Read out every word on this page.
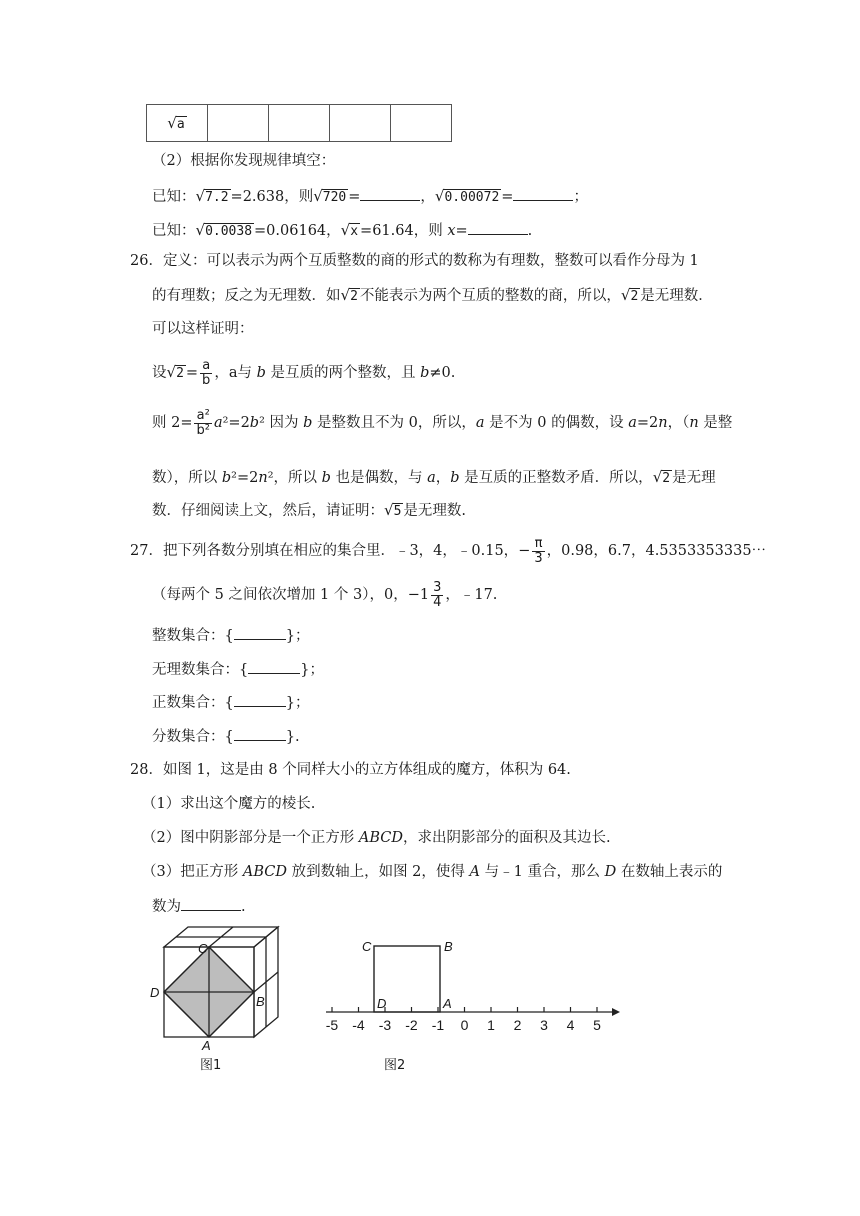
√a				
（2）根据你发现规律填空：
已知：√7.2 =2.638，则√720 =	，√0.00072 =	；
已知：√0.0038 =0.06164，√x =61.64，则 x=	.
26．定义：可以表示为两个互质整数的商的形式的数称为有理数，整数可以看作分母为 1
的有理数；反之为无理数．如√2 不能表示为两个互质的整数的商，所以，√2 是无理数．
可以这样证明：
设$√2 = \frac{a}{b}$ ，a与 b 是互质的两个整数，且 b≠0.
则 $2= \frac{\text{a²}}{\text{b²}} a^2=2b^2$ 因为 b 是整数且不为 0，所以，a 是不为 0 的偶数，设 a=2n，（n 是整
数），所以 b²=2n²，所以 b 也是偶数，与 a，b 是互质的正整数矛盾．所以，√2 是无理
数．仔细阅读上文，然后，请证明：√5 是无理数.
27．把下列各数分别填在相应的集合里．﹣3，4，﹣0.15，− $\frac{\pi}{3}$ ，0.98，6.7，4.5353353335⋯
（每两个 5 之间依次增加 1 个 3），0，$-1 \frac{3}{4}$ ，﹣17.
整数集合：{	}；
无理数集合：{	}；
正数集合：{	}；
分数集合：{	}.
28．如图 1，这是由 8 个同样大小的立方体组成的魔方，体积为 64.
（1）求出这个魔方的棱长.
（2）图中阴影部分是一个正方形 ABCD，求出阴影部分的面积及其边长.
（3）把正方形 ABCD 放到数轴上，如图 2，使得 A 与﹣1 重合，那么 D 在数轴上表示的
数为	.
C
D
B
A
图1
-5 -4 -3 -2 -1 0 1 2 3 4 5
C	B
D	A
图2
